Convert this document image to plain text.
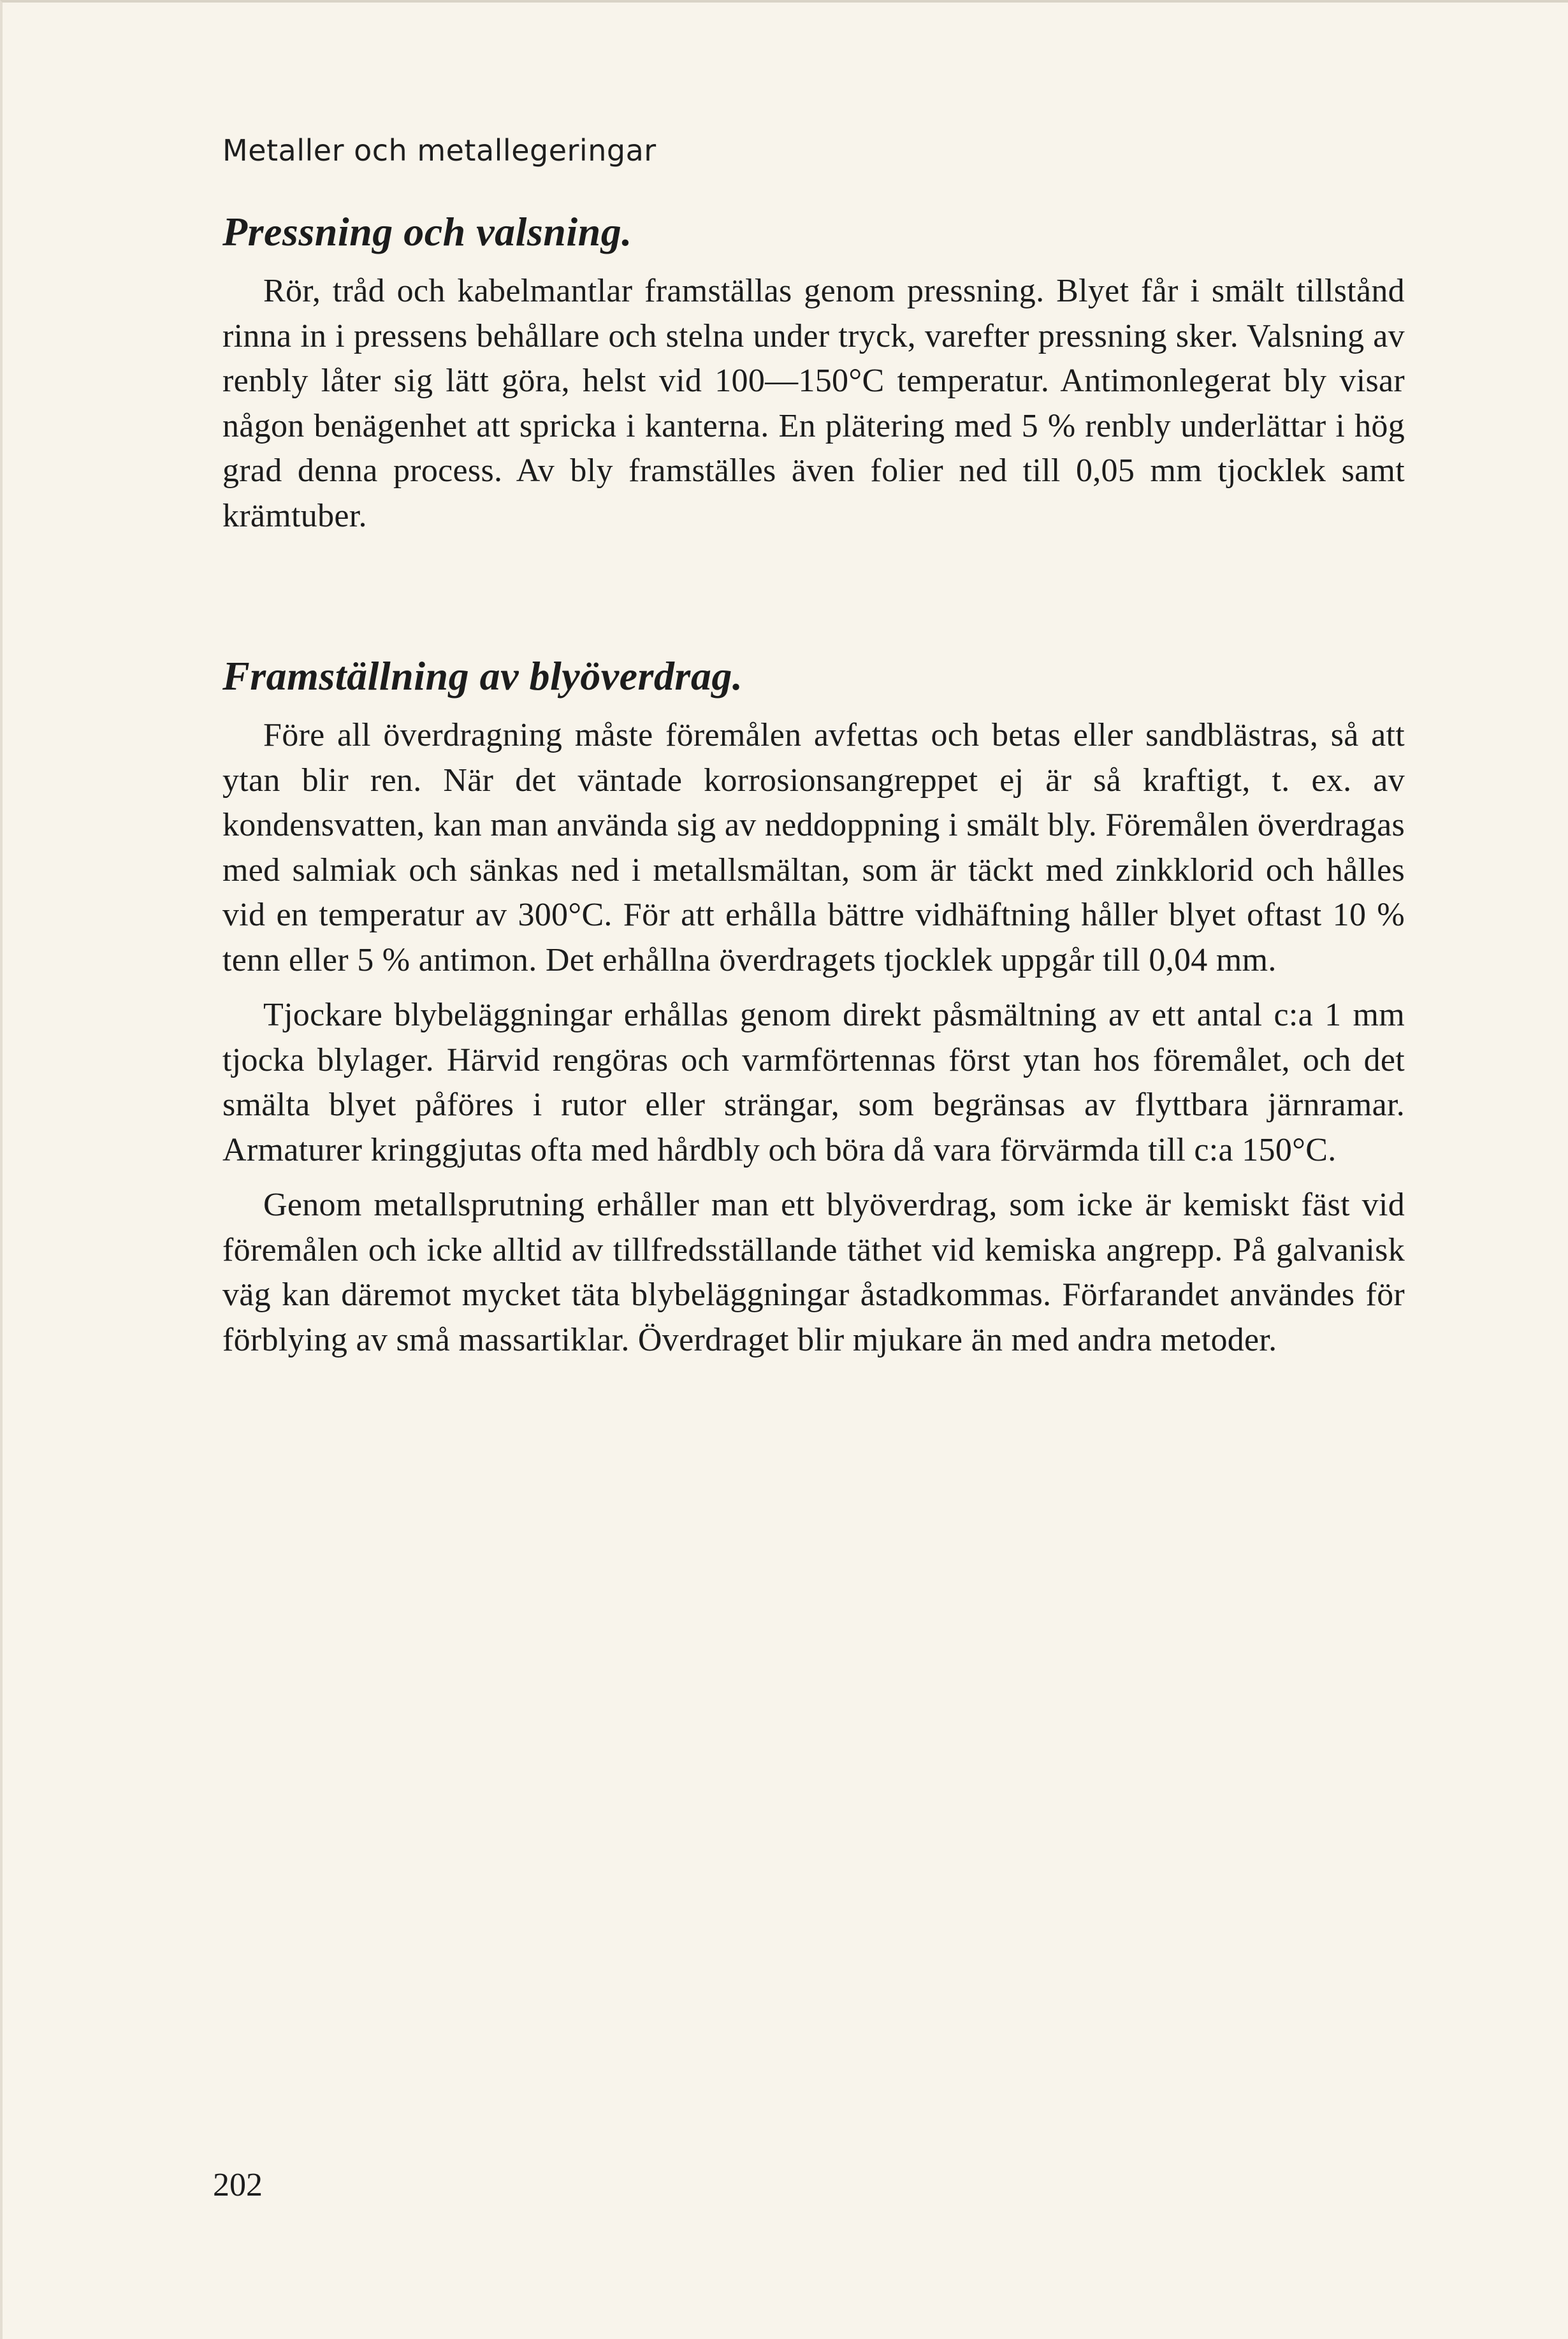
Metaller och metallegeringar
Pressning och valsning.

Rör, tråd och kabelmantlar framställas genom pressning. Blyet får i smält tillstånd rinna in i pressens behållare och stelna under tryck, varefter pressning sker. Valsning av renbly låter sig lätt göra, helst vid 100—150°C temperatur. Antimonlegerat bly visar någon benägenhet att spricka i kanterna. En plätering med 5 % renbly underlättar i hög grad denna process. Av bly framställes även folier ned till 0,05 mm tjocklek samt krämtuber.

Framställning av blyöverdrag.

Före all överdragning måste föremålen avfettas och betas eller sandblästras, så att ytan blir ren. När det väntade korrosionsangreppet ej är så kraftigt, t. ex. av kondensvatten, kan man använda sig av neddoppning i smält bly. Föremålen överdragas med salmiak och sänkas ned i metallsmältan, som är täckt med zinkklorid och hålles vid en temperatur av 300°C. För att erhålla bättre vidhäftning håller blyet oftast 10 % tenn eller 5 % antimon. Det erhållna överdragets tjocklek uppgår till 0,04 mm.

Tjockare blybeläggningar erhållas genom direkt påsmältning av ett antal c:a 1 mm tjocka blylager. Härvid rengöras och varmförtennas först ytan hos föremålet, och det smälta blyet påföres i rutor eller strängar, som begränsas av flyttbara järnramar. Armaturer kringgjutas ofta med hårdbly och böra då vara förvärmda till c:a 150°C.

Genom metallsprutning erhåller man ett blyöverdrag, som icke är kemiskt fäst vid föremålen och icke alltid av tillfredsställande täthet vid kemiska angrepp. På galvanisk väg kan däremot mycket täta blybeläggningar åstadkommas. Förfarandet användes för förblying av små massartiklar. Överdraget blir mjukare än med andra metoder.

202
